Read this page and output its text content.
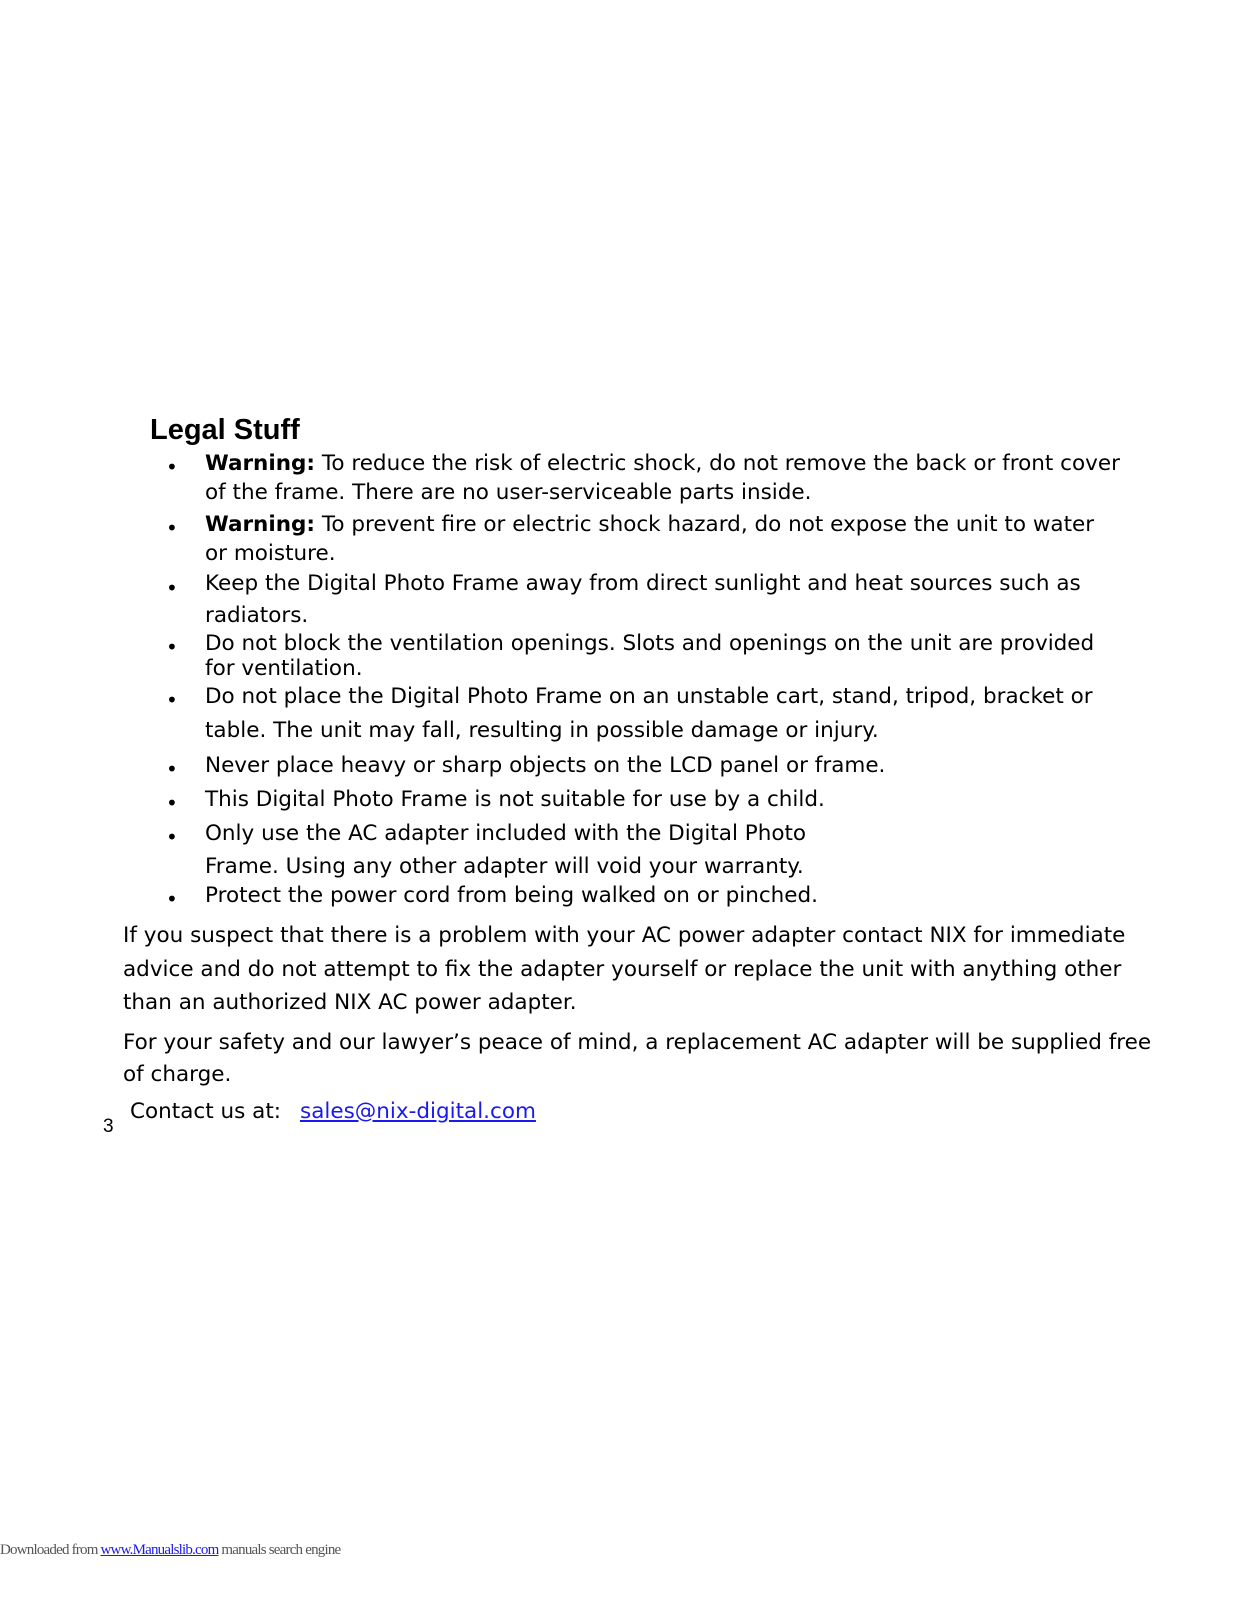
Legal Stuff
• Warning: To reduce the risk of electric shock, do not remove the back or front cover
of the frame. There are no user-serviceable parts inside.
• Warning: To prevent fire or electric shock hazard, do not expose the unit to water
or moisture.
• Keep the Digital Photo Frame away from direct sunlight and heat sources such as
radiators.
• Do not block the ventilation openings. Slots and openings on the unit are provided
for ventilation.
• Do not place the Digital Photo Frame on an unstable cart, stand, tripod, bracket or
table. The unit may fall, resulting in possible damage or injury.
• Never place heavy or sharp objects on the LCD panel or frame.
• This Digital Photo Frame is not suitable for use by a child.
• Only use the AC adapter included with the Digital Photo
Frame. Using any other adapter will void your warranty.
• Protect the power cord from being walked on or pinched.
If you suspect that there is a problem with your AC power adapter contact NIX for immediate
advice and do not attempt to fix the adapter yourself or replace the unit with anything other
than an authorized NIX AC power adapter.
For your safety and our lawyer’s peace of mind, a replacement AC adapter will be supplied free
of charge.
Contact us at: sales@nix-digital.com
3
Downloaded from www.Manualslib.com manuals search engine
